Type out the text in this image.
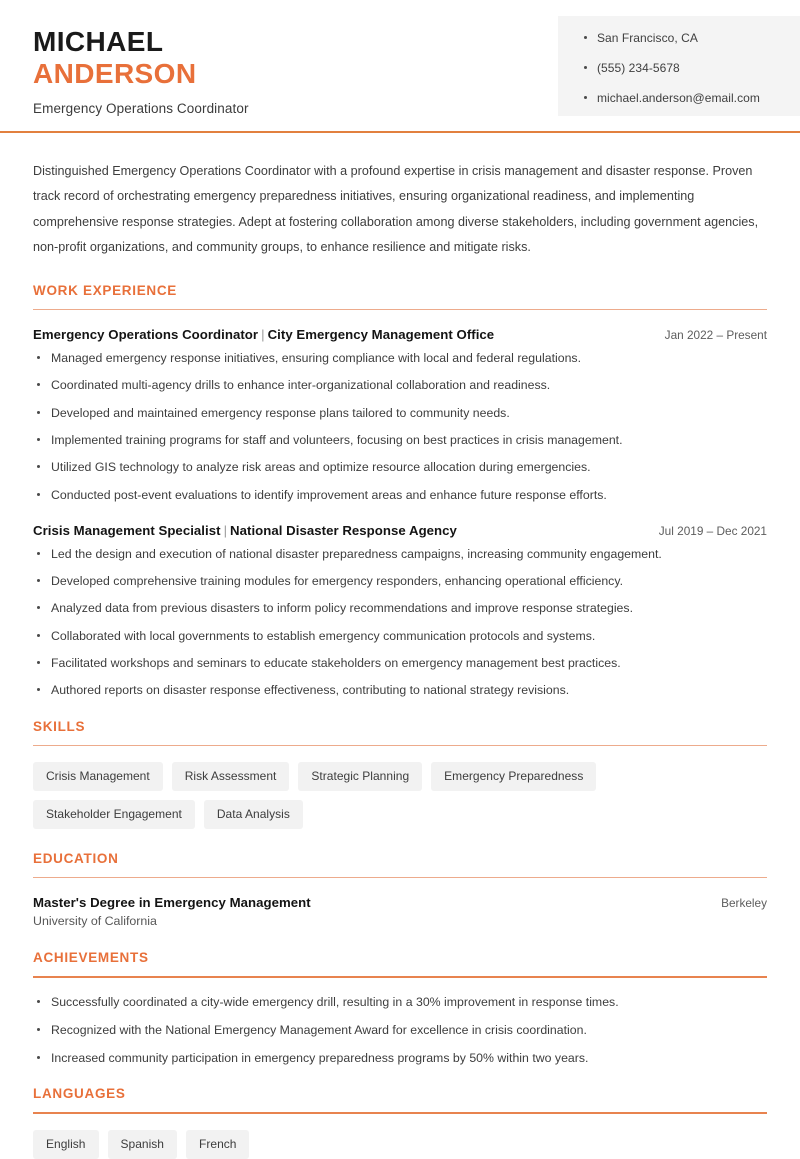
MICHAEL
ANDERSON
Emergency Operations Coordinator
San Francisco, CA
(555) 234-5678
michael.anderson@email.com
Distinguished Emergency Operations Coordinator with a profound expertise in crisis management and disaster response. Proven track record of orchestrating emergency preparedness initiatives, ensuring organizational readiness, and implementing comprehensive response strategies. Adept at fostering collaboration among diverse stakeholders, including government agencies, non-profit organizations, and community groups, to enhance resilience and mitigate risks.
WORK EXPERIENCE
Emergency Operations Coordinator | City Emergency Management Office	Jan 2022 – Present
Managed emergency response initiatives, ensuring compliance with local and federal regulations.
Coordinated multi-agency drills to enhance inter-organizational collaboration and readiness.
Developed and maintained emergency response plans tailored to community needs.
Implemented training programs for staff and volunteers, focusing on best practices in crisis management.
Utilized GIS technology to analyze risk areas and optimize resource allocation during emergencies.
Conducted post-event evaluations to identify improvement areas and enhance future response efforts.
Crisis Management Specialist | National Disaster Response Agency	Jul 2019 – Dec 2021
Led the design and execution of national disaster preparedness campaigns, increasing community engagement.
Developed comprehensive training modules for emergency responders, enhancing operational efficiency.
Analyzed data from previous disasters to inform policy recommendations and improve response strategies.
Collaborated with local governments to establish emergency communication protocols and systems.
Facilitated workshops and seminars to educate stakeholders on emergency management best practices.
Authored reports on disaster response effectiveness, contributing to national strategy revisions.
SKILLS
Crisis Management	Risk Assessment	Strategic Planning	Emergency Preparedness
Stakeholder Engagement	Data Analysis
EDUCATION
Master's Degree in Emergency Management	Berkeley
University of California
ACHIEVEMENTS
Successfully coordinated a city-wide emergency drill, resulting in a 30% improvement in response times.
Recognized with the National Emergency Management Award for excellence in crisis coordination.
Increased community participation in emergency preparedness programs by 50% within two years.
LANGUAGES
English	Spanish	French
